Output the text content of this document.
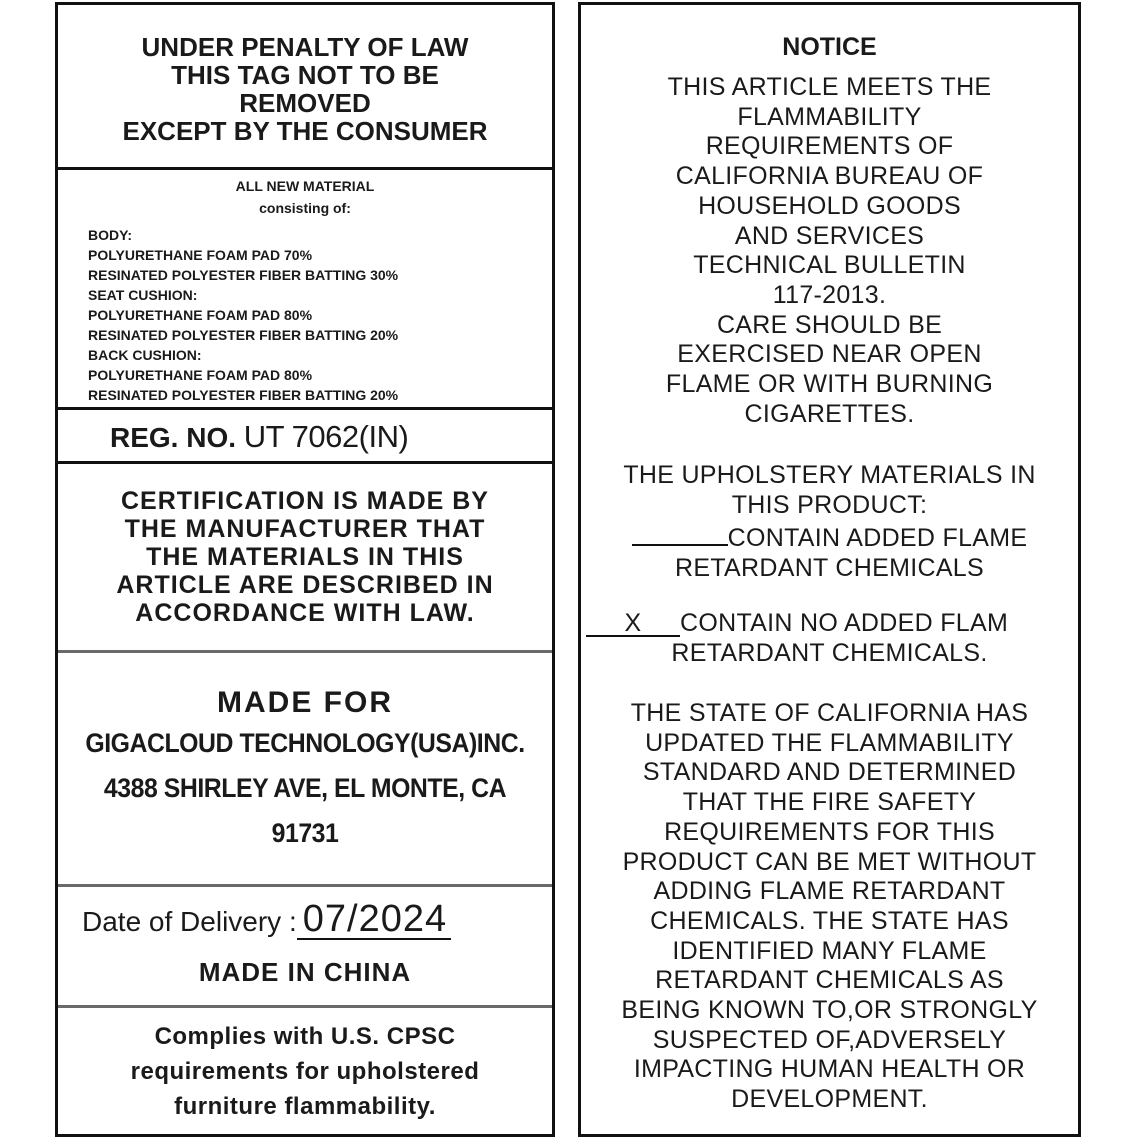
UNDER PENALTY OF LAW
THIS TAG NOT TO BE
REMOVED
EXCEPT BY THE CONSUMER
ALL NEW MATERIAL
consisting of:
BODY:
POLYURETHANE FOAM PAD 70%
RESINATED POLYESTER FIBER BATTING 30%
SEAT CUSHION:
POLYURETHANE FOAM PAD 80%
RESINATED POLYESTER FIBER BATTING 20%
BACK CUSHION:
POLYURETHANE FOAM PAD 80%
RESINATED POLYESTER FIBER BATTING 20%
REG. NO. UT 7062(IN)
CERTIFICATION IS MADE BY
THE MANUFACTURER THAT
THE MATERIALS IN THIS
ARTICLE ARE DESCRIBED IN
ACCORDANCE WITH LAW.
MADE FOR
GIGACLOUD TECHNOLOGY(USA)INC.
4388 SHIRLEY AVE, EL MONTE, CA
91731
Date of Delivery : 07/2024
MADE IN CHINA
Complies with U.S. CPSC
requirements for upholstered
furniture flammability.
NOTICE
THIS ARTICLE MEETS THE
FLAMMABILITY
REQUIREMENTS OF
CALIFORNIA BUREAU OF
HOUSEHOLD GOODS
AND SERVICES
TECHNICAL BULLETIN
117-2013.
CARE SHOULD BE
EXERCISED NEAR OPEN
FLAME OR WITH BURNING
CIGARETTES.
THE UPHOLSTERY MATERIALS IN
THIS PRODUCT:
CONTAIN ADDED FLAME
RETARDANT CHEMICALS
X CONTAIN NO ADDED FLAM
RETARDANT CHEMICALS.
THE STATE OF CALIFORNIA HAS
UPDATED THE FLAMMABILITY
STANDARD AND DETERMINED
THAT THE FIRE SAFETY
REQUIREMENTS FOR THIS
PRODUCT CAN BE MET WITHOUT
ADDING FLAME RETARDANT
CHEMICALS. THE STATE HAS
IDENTIFIED MANY FLAME
RETARDANT CHEMICALS AS
BEING KNOWN TO,OR STRONGLY
SUSPECTED OF,ADVERSELY
IMPACTING HUMAN HEALTH OR
DEVELOPMENT.
